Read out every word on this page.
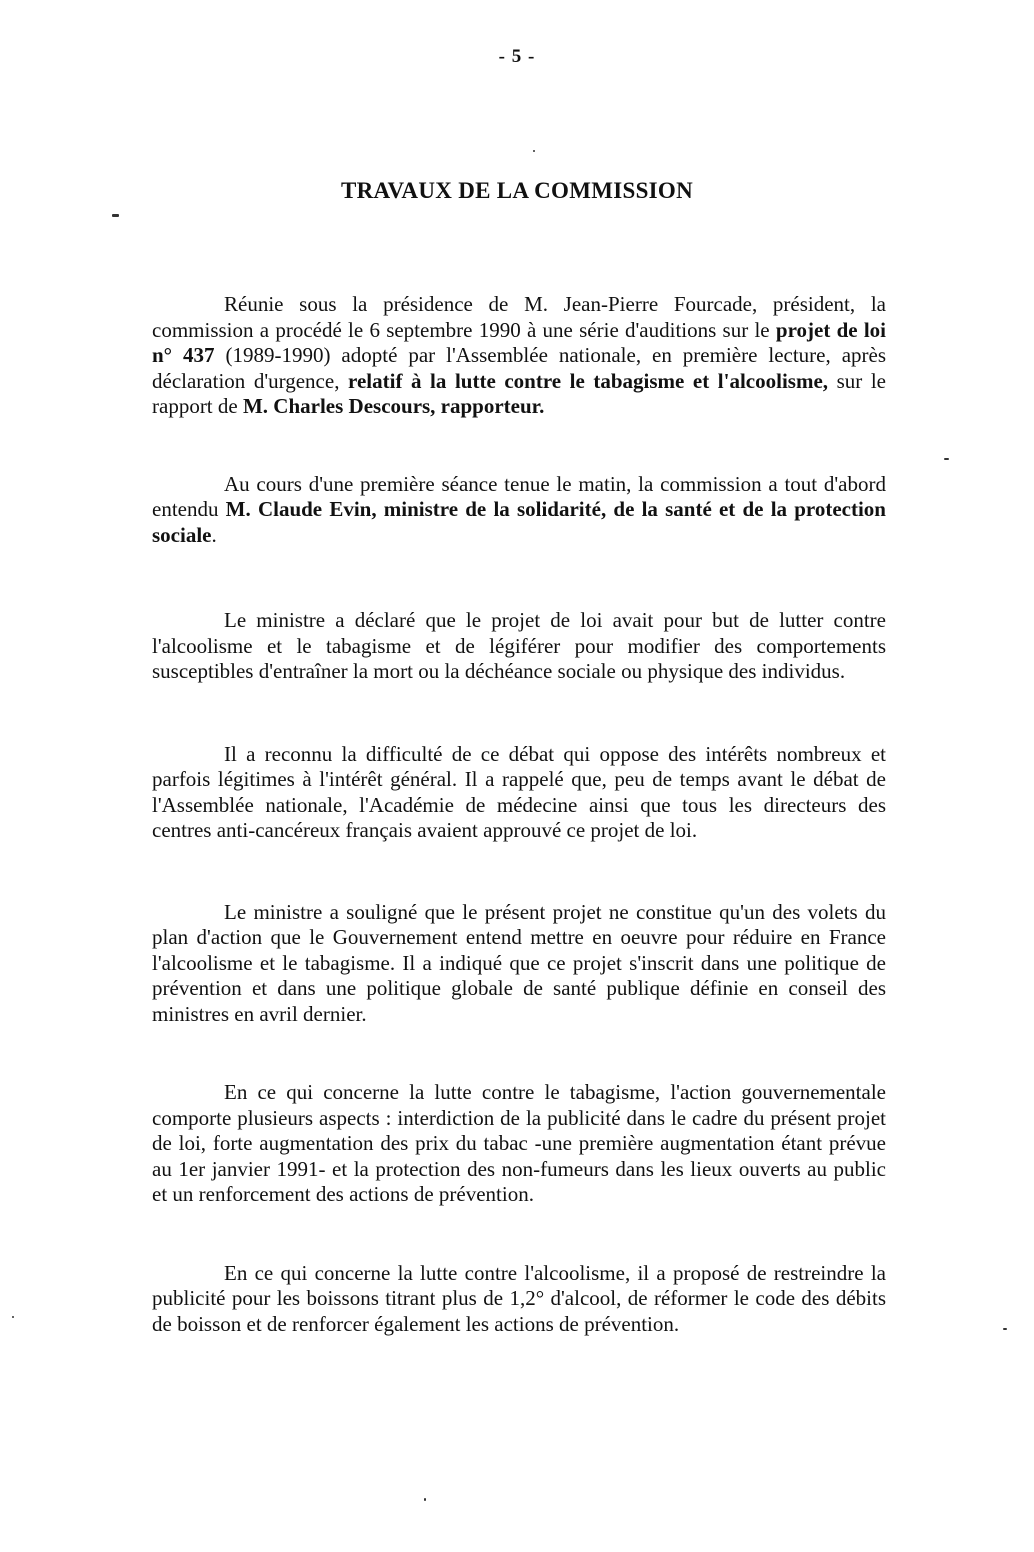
- 5 -
TRAVAUX DE LA COMMISSION

Réunie sous la présidence de M. Jean-Pierre Fourcade, président, la commission a procédé le 6 septembre 1990 à une série d'auditions sur le projet de loi n° 437 (1989-1990) adopté par l'Assemblée nationale, en première lecture, après déclaration d'urgence, relatif à la lutte contre le tabagisme et l'alcoolisme, sur le rapport de M. Charles Descours, rapporteur.

Au cours d'une première séance tenue le matin, la commission a tout d'abord entendu M. Claude Evin, ministre de la solidarité, de la santé et de la protection sociale.

Le ministre a déclaré que le projet de loi avait pour but de lutter contre l'alcoolisme et le tabagisme et de légiférer pour modifier des comportements susceptibles d'entraîner la mort ou la déchéance sociale ou physique des individus.

Il a reconnu la difficulté de ce débat qui oppose des intérêts nombreux et parfois légitimes à l'intérêt général. Il a rappelé que, peu de temps avant le débat de l'Assemblée nationale, l'Académie de médecine ainsi que tous les directeurs des centres anti-cancéreux français avaient approuvé ce projet de loi.

Le ministre a souligné que le présent projet ne constitue qu'un des volets du plan d'action que le Gouvernement entend mettre en oeuvre pour réduire en France l'alcoolisme et le tabagisme. Il a indiqué que ce projet s'inscrit dans une politique de prévention et dans une politique globale de santé publique définie en conseil des ministres en avril dernier.

En ce qui concerne la lutte contre le tabagisme, l'action gouvernementale comporte plusieurs aspects : interdiction de la publicité dans le cadre du présent projet de loi, forte augmentation des prix du tabac -une première augmentation étant prévue au 1er janvier 1991- et la protection des non-fumeurs dans les lieux ouverts au public et un renforcement des actions de prévention.

En ce qui concerne la lutte contre l'alcoolisme, il a proposé de restreindre la publicité pour les boissons titrant plus de 1,2° d'alcool, de réformer le code des débits de boisson et de renforcer également les actions de prévention.
